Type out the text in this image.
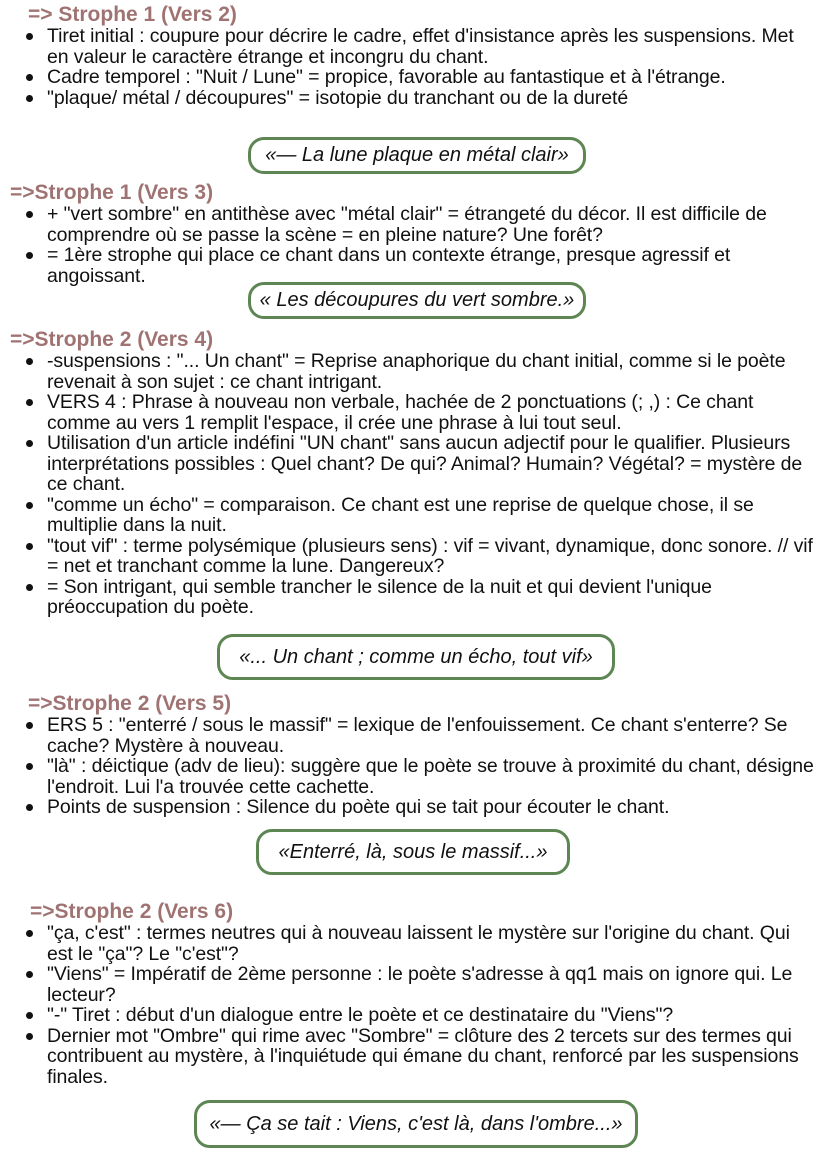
=> Strophe 1 (Vers 2)
Tiret initial : coupure pour décrire le cadre, effet d'insistance après les suspensions. Met en valeur le caractère étrange et incongru du chant.
Cadre temporel : "Nuit / Lune" = propice, favorable au fantastique et à l'étrange.
"plaque/ métal / découpures" = isotopie du tranchant ou de la dureté
«— La lune plaque en métal clair»
=>Strophe 1 (Vers 3)
+ "vert sombre" en antithèse avec "métal clair" = étrangeté du décor. Il est difficile de comprendre où se passe la scène = en pleine nature? Une forêt?
= 1ère strophe qui place ce chant dans un contexte étrange, presque agressif et angoissant.
« Les découpures du vert sombre.»
=>Strophe 2 (Vers 4)
-suspensions : "... Un chant" = Reprise anaphorique du chant initial, comme si le poète revenait à son sujet : ce chant intrigant.
VERS 4 : Phrase à nouveau non verbale, hachée de 2 ponctuations (; ,) : Ce chant comme au vers 1 remplit l'espace, il crée une phrase à lui tout seul.
Utilisation d'un article indéfini "UN chant" sans aucun adjectif pour le qualifier. Plusieurs interprétations possibles : Quel chant? De qui? Animal? Humain? Végétal? = mystère de ce chant.
"comme un écho" = comparaison. Ce chant est une reprise de quelque chose, il se multiplie dans la nuit.
"tout vif" : terme polysémique (plusieurs sens) : vif = vivant, dynamique, donc sonore. // vif = net et tranchant comme la lune. Dangereux?
= Son intrigant, qui semble trancher le silence de la nuit et qui devient l'unique préoccupation du poète.
«... Un chant ; comme un écho, tout vif»
=>Strophe 2 (Vers 5)
ERS 5 : "enterré / sous le massif" = lexique de l'enfouissement. Ce chant s'enterre? Se cache? Mystère à nouveau.
"là" : déictique (adv de lieu): suggère que le poète se trouve à proximité du chant, désigne l'endroit. Lui l'a trouvée cette cachette.
Points de suspension : Silence du poète qui se tait pour écouter le chant.
«Enterré, là, sous le massif...»
=>Strophe 2 (Vers 6)
"ça, c'est" : termes neutres qui à nouveau laissent le mystère sur l'origine du chant. Qui est le "ça"? Le "c'est"?
"Viens" = Impératif de 2ème personne : le poète s'adresse à qq1 mais on ignore qui. Le lecteur?
"-" Tiret : début d'un dialogue entre le poète et ce destinataire du "Viens"?
Dernier mot "Ombre" qui rime avec "Sombre" = clôture des 2 tercets sur des termes qui contribuent au mystère, à l'inquiétude qui émane du chant, renforcé par les suspensions finales.
«— Ça se tait : Viens, c'est là, dans l'ombre...»
